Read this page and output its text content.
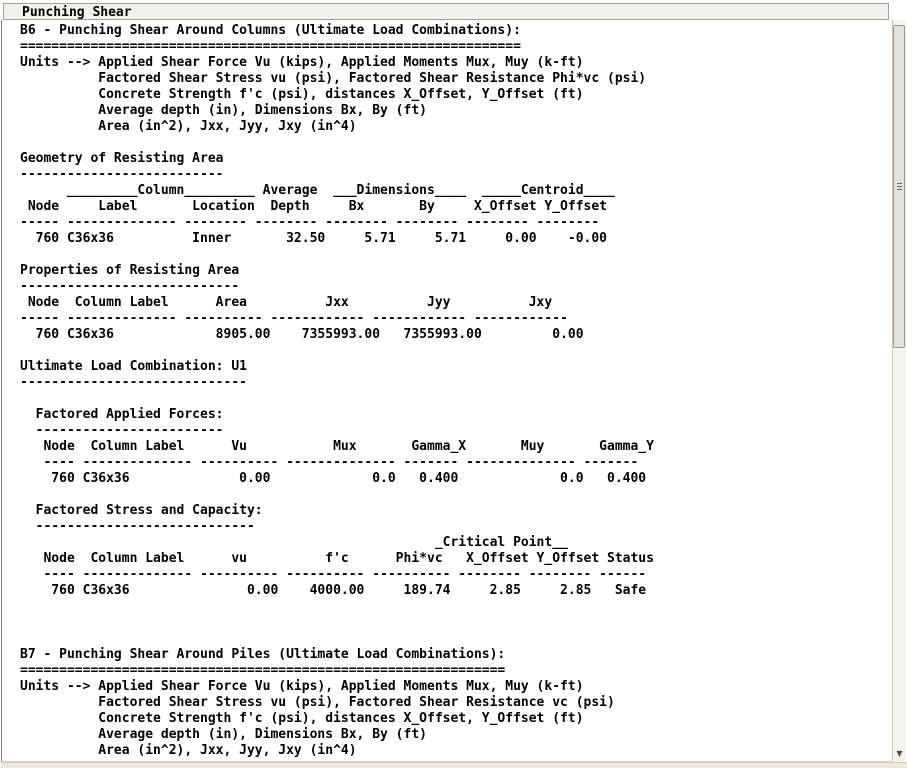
Punching Shear
B6 - Punching Shear Around Columns (Ultimate Load Combinations):
================================================================
Units --> Applied Shear Force Vu (kips), Applied Moments Mux, Muy (k-ft)
Factored Shear Stress vu (psi), Factored Shear Resistance Phi*vc (psi)
Concrete Strength f'c (psi), distances X_Offset, Y_Offset (ft)
Average depth (in), Dimensions Bx, By (ft)
Area (in^2), Jxx, Jyy, Jxy (in^4)
Geometry of Resisting Area
--------------------------
_________Column_________ Average  ___Dimensions____  _____Centroid____
Node     Label       Location  Depth     Bx       By     X_Offset Y_Offset
----- -------------- -------- -------- -------- -------- -------- --------
760 C36x36          Inner       32.50     5.71     5.71     0.00    -0.00
Properties of Resisting Area
----------------------------
Node  Column Label      Area          Jxx          Jyy          Jxy
----- -------------- ---------- ------------ ------------ ------------
760 C36x36             8905.00    7355993.00   7355993.00         0.00
Ultimate Load Combination: U1
-----------------------------
Factored Applied Forces:
------------------------
Node  Column Label      Vu           Mux       Gamma_X       Muy       Gamma_Y
---- -------------- ---------- -------------- ------- -------------- -------
760 C36x36              0.00             0.0   0.400             0.0   0.400
Factored Stress and Capacity:
----------------------------
_Critical Point__
Node  Column Label      vu          f'c      Phi*vc   X_Offset Y_Offset Status
---- -------------- ---------- ---------- ---------- -------- -------- ------
760 C36x36               0.00    4000.00     189.74     2.85     2.85   Safe
B7 - Punching Shear Around Piles (Ultimate Load Combinations):
==============================================================
Units --> Applied Shear Force Vu (kips), Applied Moments Mux, Muy (k-ft)
Factored Shear Stress vu (psi), Factored Shear Resistance vc (psi)
Concrete Strength f'c (psi), distances X_Offset, Y_Offset (ft)
Average depth (in), Dimensions Bx, By (ft)
Area (in^2), Jxx, Jyy, Jxy (in^4)	▼
